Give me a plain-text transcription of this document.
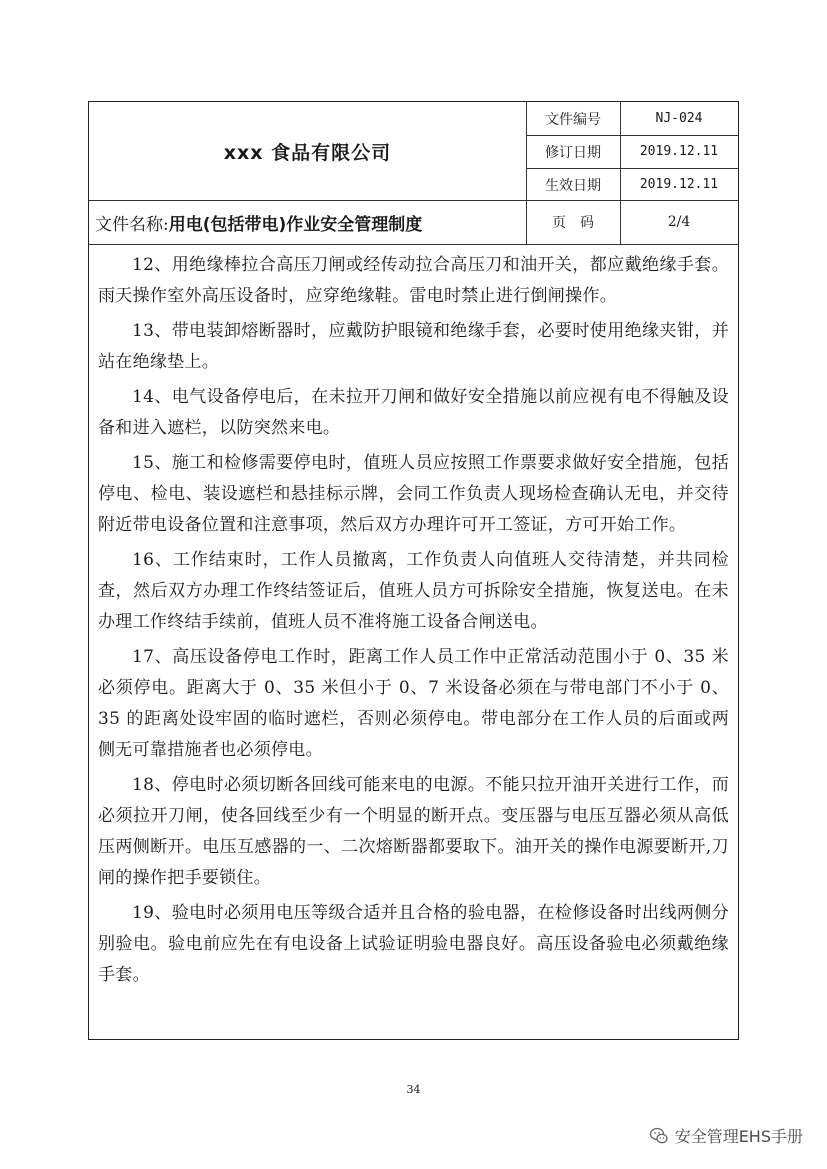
xxx 食品有限公司
文件编号	NJ-024
修订日期	2019.12.11
生效日期	2019.12.11
文件名称: 用电(包括带电)作业安全管理制度	页码	2/4

12、用绝缘棒拉合高压刀闸或经传动拉合高压刀和油开关，都应戴绝缘手套。雨天操作室外高压设备时，应穿绝缘鞋。雷电时禁止进行倒闸操作。

13、带电装卸熔断器时，应戴防护眼镜和绝缘手套，必要时使用绝缘夹钳，并站在绝缘垫上。

14、电气设备停电后，在未拉开刀闸和做好安全措施以前应视有电不得触及设备和进入遮栏，以防突然来电。

15、施工和检修需要停电时，值班人员应按照工作票要求做好安全措施，包括停电、检电、装设遮栏和悬挂标示牌，会同工作负责人现场检查确认无电，并交待附近带电设备位置和注意事项，然后双方办理许可开工签证，方可开始工作。

16、工作结束时，工作人员撤离，工作负责人向值班人交待清楚，并共同检查，然后双方办理工作终结签证后，值班人员方可拆除安全措施，恢复送电。在未办理工作终结手续前，值班人员不准将施工设备合闸送电。

17、高压设备停电工作时，距离工作人员工作中正常活动范围小于 0、35 米必须停电。距离大于 0、35 米但小于 0、7 米设备必须在与带电部门不小于 0、35 的距离处设牢固的临时遮栏，否则必须停电。带电部分在工作人员的后面或两侧无可靠措施者也必须停电。

18、停电时必须切断各回线可能来电的电源。不能只拉开油开关进行工作，而必须拉开刀闸，使各回线至少有一个明显的断开点。变压器与电压互器必须从高低压两侧断开。电压互感器的一、二次熔断器都要取下。油开关的操作电源要断开,刀闸的操作把手要锁住。

19、验电时必须用电压等级合适并且合格的验电器，在检修设备时出线两侧分别验电。验电前应先在有电设备上试验证明验电器良好。高压设备验电必须戴绝缘手套。

34
安全管理EHS手册
